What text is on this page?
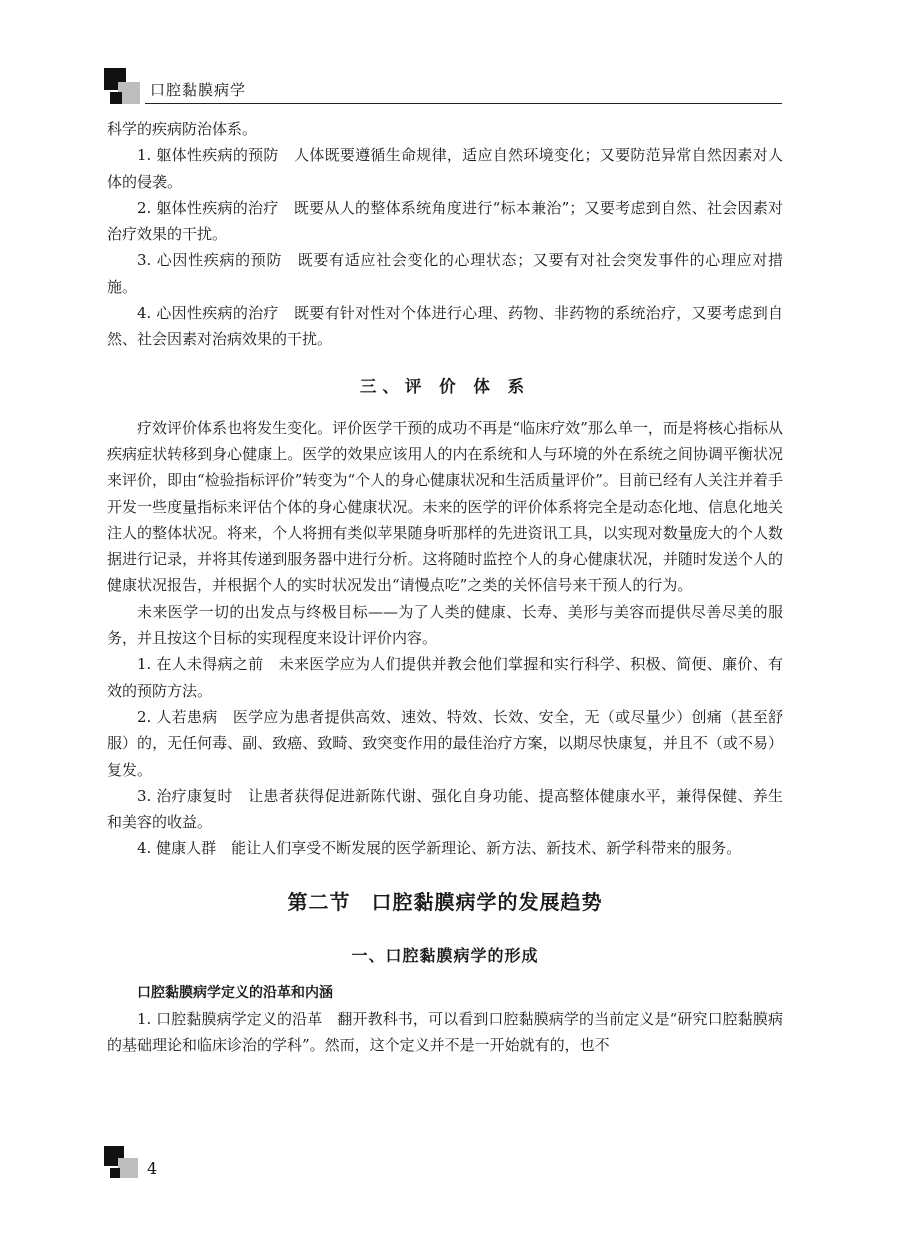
口腔黏膜病学

科学的疾病防治体系。

1. 躯体性疾病的预防　人体既要遵循生命规律，适应自然环境变化；又要防范异常自然因素对人体的侵袭。

2. 躯体性疾病的治疗　既要从人的整体系统角度进行“标本兼治”；又要考虑到自然、社会因素对治疗效果的干扰。

3. 心因性疾病的预防　既要有适应社会变化的心理状态；又要有对社会突发事件的心理应对措施。

4. 心因性疾病的治疗　既要有针对性对个体进行心理、药物、非药物的系统治疗，又要考虑到自然、社会因素对治病效果的干扰。

三、评 价 体 系

疗效评价体系也将发生变化。评价医学干预的成功不再是“临床疗效”那么单一，而是将核心指标从疾病症状转移到身心健康上。医学的效果应该用人的内在系统和人与环境的外在系统之间协调平衡状况来评价，即由“检验指标评价”转变为“个人的身心健康状况和生活质量评价”。目前已经有人关注并着手开发一些度量指标来评估个体的身心健康状况。未来的医学的评价体系将完全是动态化地、信息化地关注人的整体状况。将来，个人将拥有类似苹果随身听那样的先进资讯工具，以实现对数量庞大的个人数据进行记录，并将其传递到服务器中进行分析。这将随时监控个人的身心健康状况，并随时发送个人的健康状况报告，并根据个人的实时状况发出“请慢点吃”之类的关怀信号来干预人的行为。

未来医学一切的出发点与终极目标——为了人类的健康、长寿、美形与美容而提供尽善尽美的服务，并且按这个目标的实现程度来设计评价内容。

1. 在人未得病之前　未来医学应为人们提供并教会他们掌握和实行科学、积极、简便、廉价、有效的预防方法。

2. 人若患病　医学应为患者提供高效、速效、特效、长效、安全，无（或尽量少）创痛（甚至舒服）的，无任何毒、副、致癌、致畸、致突变作用的最佳治疗方案，以期尽快康复，并且不（或不易）复发。

3. 治疗康复时　让患者获得促进新陈代谢、强化自身功能、提高整体健康水平，兼得保健、养生和美容的收益。

4. 健康人群　能让人们享受不断发展的医学新理论、新方法、新技术、新学科带来的服务。

第二节　口腔黏膜病学的发展趋势

一、口腔黏膜病学的形成

口腔黏膜病学定义的沿革和内涵

1. 口腔黏膜病学定义的沿革　翻开教科书，可以看到口腔黏膜病学的当前定义是“研究口腔黏膜病的基础理论和临床诊治的学科”。然而，这个定义并不是一开始就有的，也不

4
